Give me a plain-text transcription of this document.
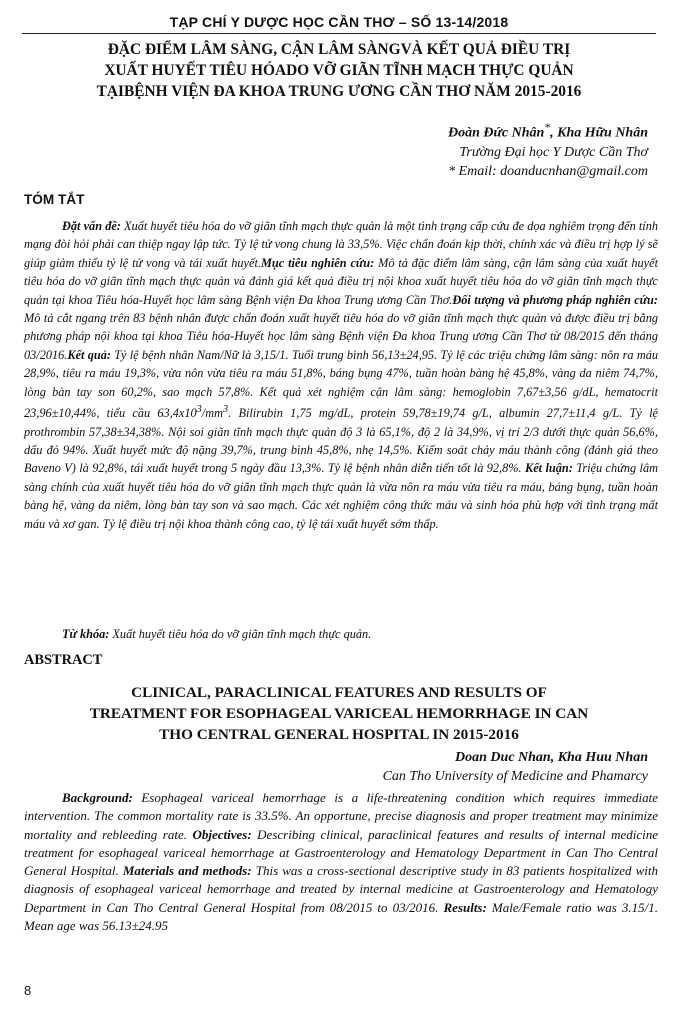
TẠP CHÍ Y DƯỢC HỌC CẦN THƠ – SỐ 13-14/2018
ĐẶC ĐIỂM LÂM SÀNG, CẬN LÂM SÀNGVÀ KẾT QUẢ ĐIỀU TRỊ
XUẤT HUYẾT TIÊU HÓADO VỠ GIÃN TĨNH MẠCH THỰC QUẢN
TẠIBỆNH VIỆN ĐA KHOA TRUNG ƯƠNG CẦN THƠ NĂM 2015-2016
Đoàn Đức Nhân*, Kha Hữu Nhân
Trường Đại học Y Dược Cần Thơ
* Email: doanducnhan@gmail.com
TÓM TẮT

Đặt vấn đề: Xuất huyết tiêu hóa do vỡ giãn tĩnh mạch thực quản là một tình trạng cấp cứu đe dọa nghiêm trọng đến tính mạng đòi hỏi phải can thiệp ngay lập tức. Tỷ lệ tử vong chung là 33,5%. Việc chẩn đoán kịp thời, chính xác và điều trị hợp lý sẽ giúp giảm thiểu tỷ lệ tử vong và tái xuất huyết.Mục tiêu nghiên cứu: Mô tả đặc điểm lâm sàng, cận lâm sàng của xuất huyết tiêu hóa do vỡ giãn tĩnh mạch thực quản và đánh giá kết quả điều trị nội khoa xuất huyết tiêu hóa do vỡ giãn tĩnh mạch thực quản tại khoa Tiêu hóa-Huyết học lâm sàng Bệnh viện Đa khoa Trung ương Cần Thơ.Đối tượng và phương pháp nghiên cứu: Mô tả cắt ngang trên 83 bệnh nhân được chẩn đoán xuất huyết tiêu hóa do vỡ giãn tĩnh mạch thực quản và được điều trị bằng phương pháp nội khoa tại khoa Tiêu hóa-Huyết học lâm sàng Bệnh viện Đa khoa Trung ương Cần Thơ từ 08/2015 đến tháng 03/2016.Kết quả: Tỷ lệ bệnh nhân Nam/Nữ là 3,15/1. Tuổi trung bình 56,13±24,95. Tỷ lệ các triệu chứng lâm sàng: nôn ra máu 28,9%, tiêu ra máu 19,3%, vừa nôn vừa tiêu ra máu 51,8%, báng bụng 47%, tuần hoàn bàng hệ 45,8%, vàng da niêm 74,7%, lòng bàn tay son 60,2%, sao mạch 57,8%. Kết quả xét nghiệm cận lâm sàng: hemoglobin 7,67±3,56 g/dL, hematocrit 23,96±10,44%, tiểu cầu $63,4x10^3/mm^3$. Bilirubin 1,75 mg/dL, protein 59,78±19,74 g/L, albumin 27,7±11,4 g/L. Tỷ lệ prothrombin 57,38±34,38%. Nội soi giãn tĩnh mạch thực quản độ 3 là 65,1%, độ 2 là 34,9%, vị trí 2/3 dưới thực quản 56,6%, dấu đỏ 94%. Xuất huyết mức độ nặng 39,7%, trung bình 45,8%, nhẹ 14,5%. Kiểm soát chảy máu thành công (đánh giá theo Baveno V) là 92,8%, tái xuất huyết trong 5 ngày đầu 13,3%. Tỷ lệ bệnh nhân diễn tiến tốt là 92,8%. Kết luận: Triệu chứng lâm sàng chính của xuất huyết tiêu hóa do vỡ giãn tĩnh mạch thực quản là vừa nôn ra máu vừa tiêu ra máu, báng bụng, tuần hoàn bàng hệ, vàng da niêm, lòng bàn tay son và sao mạch. Các xét nghiệm công thức máu và sinh hóa phù hợp với tình trạng mất máu và xơ gan. Tỷ lệ điều trị nội khoa thành công cao, tỷ lệ tái xuất huyết sớm thấp.

Từ khóa: Xuất huyết tiêu hóa do vỡ giãn tĩnh mạch thực quản.
ABSTRACT
CLINICAL, PARACLINICAL FEATURES AND RESULTS OF
TREATMENT FOR ESOPHAGEAL VARICEAL HEMORRHAGE IN CAN
THO CENTRAL GENERAL HOSPITAL IN 2015-2016
Doan Duc Nhan, Kha Huu Nhan
Can Tho University of Medicine and Phamarcy

Background: Esophageal variceal hemorrhage is a life-threatening condition which requires immediate intervention. The common mortality rate is 33.5%. An opportune, precise diagnosis and proper treatment may minimize mortality and rebleeding rate. Objectives: Describing clinical, paraclinical features and results of internal medicine treatment for esophageal variceal hemorrhage at Gastroenterology and Hematology Department in Can Tho Central General Hospital. Materials and methods: This was a cross-sectional descriptive study in 83 patients hospitalized with diagnosis of esophageal variceal hemorrhage and treated by internal medicine at Gastroenterology and Hematology Department in Can Tho Central General Hospital from 08/2015 to 03/2016. Results: Male/Female ratio was 3.15/1. Mean age was 56.13±24.95

8
